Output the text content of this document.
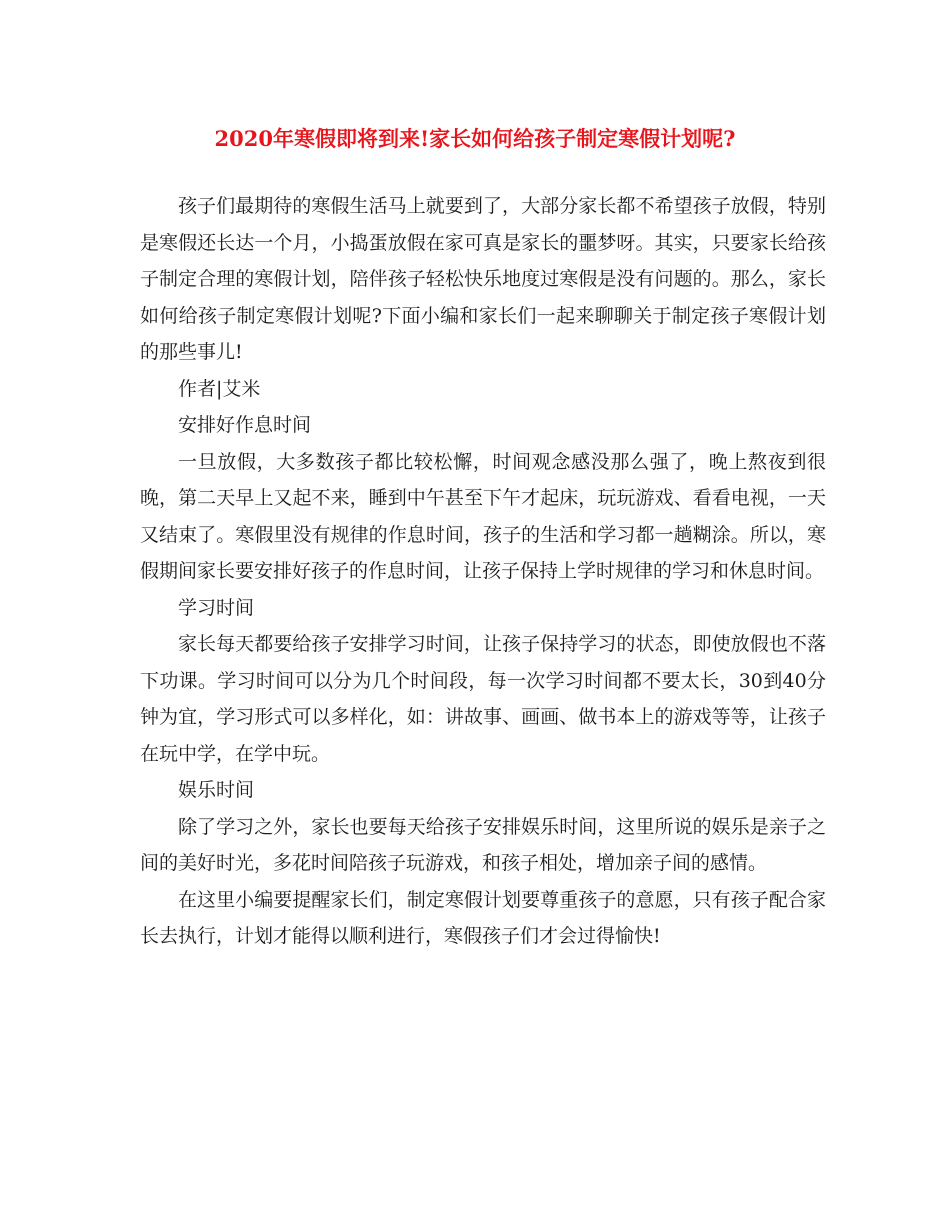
2020年寒假即将到来!家长如何给孩子制定寒假计划呢?

孩子们最期待的寒假生活马上就要到了，大部分家长都不希望孩子放假，特别是寒假还长达一个月，小捣蛋放假在家可真是家长的噩梦呀。其实，只要家长给孩子制定合理的寒假计划，陪伴孩子轻松快乐地度过寒假是没有问题的。那么，家长如何给孩子制定寒假计划呢?下面小编和家长们一起来聊聊关于制定孩子寒假计划的那些事儿!

作者|艾米

安排好作息时间

一旦放假，大多数孩子都比较松懈，时间观念感没那么强了，晚上熬夜到很晚，第二天早上又起不来，睡到中午甚至下午才起床，玩玩游戏、看看电视，一天又结束了。寒假里没有规律的作息时间，孩子的生活和学习都一趟糊涂。所以，寒假期间家长要安排好孩子的作息时间，让孩子保持上学时规律的学习和休息时间。

学习时间

家长每天都要给孩子安排学习时间，让孩子保持学习的状态，即使放假也不落下功课。学习时间可以分为几个时间段，每一次学习时间都不要太长，30到40分钟为宜，学习形式可以多样化，如：讲故事、画画、做书本上的游戏等等，让孩子在玩中学，在学中玩。

娱乐时间

除了学习之外，家长也要每天给孩子安排娱乐时间，这里所说的娱乐是亲子之间的美好时光，多花时间陪孩子玩游戏，和孩子相处，增加亲子间的感情。

在这里小编要提醒家长们，制定寒假计划要尊重孩子的意愿，只有孩子配合家长去执行，计划才能得以顺利进行，寒假孩子们才会过得愉快!
